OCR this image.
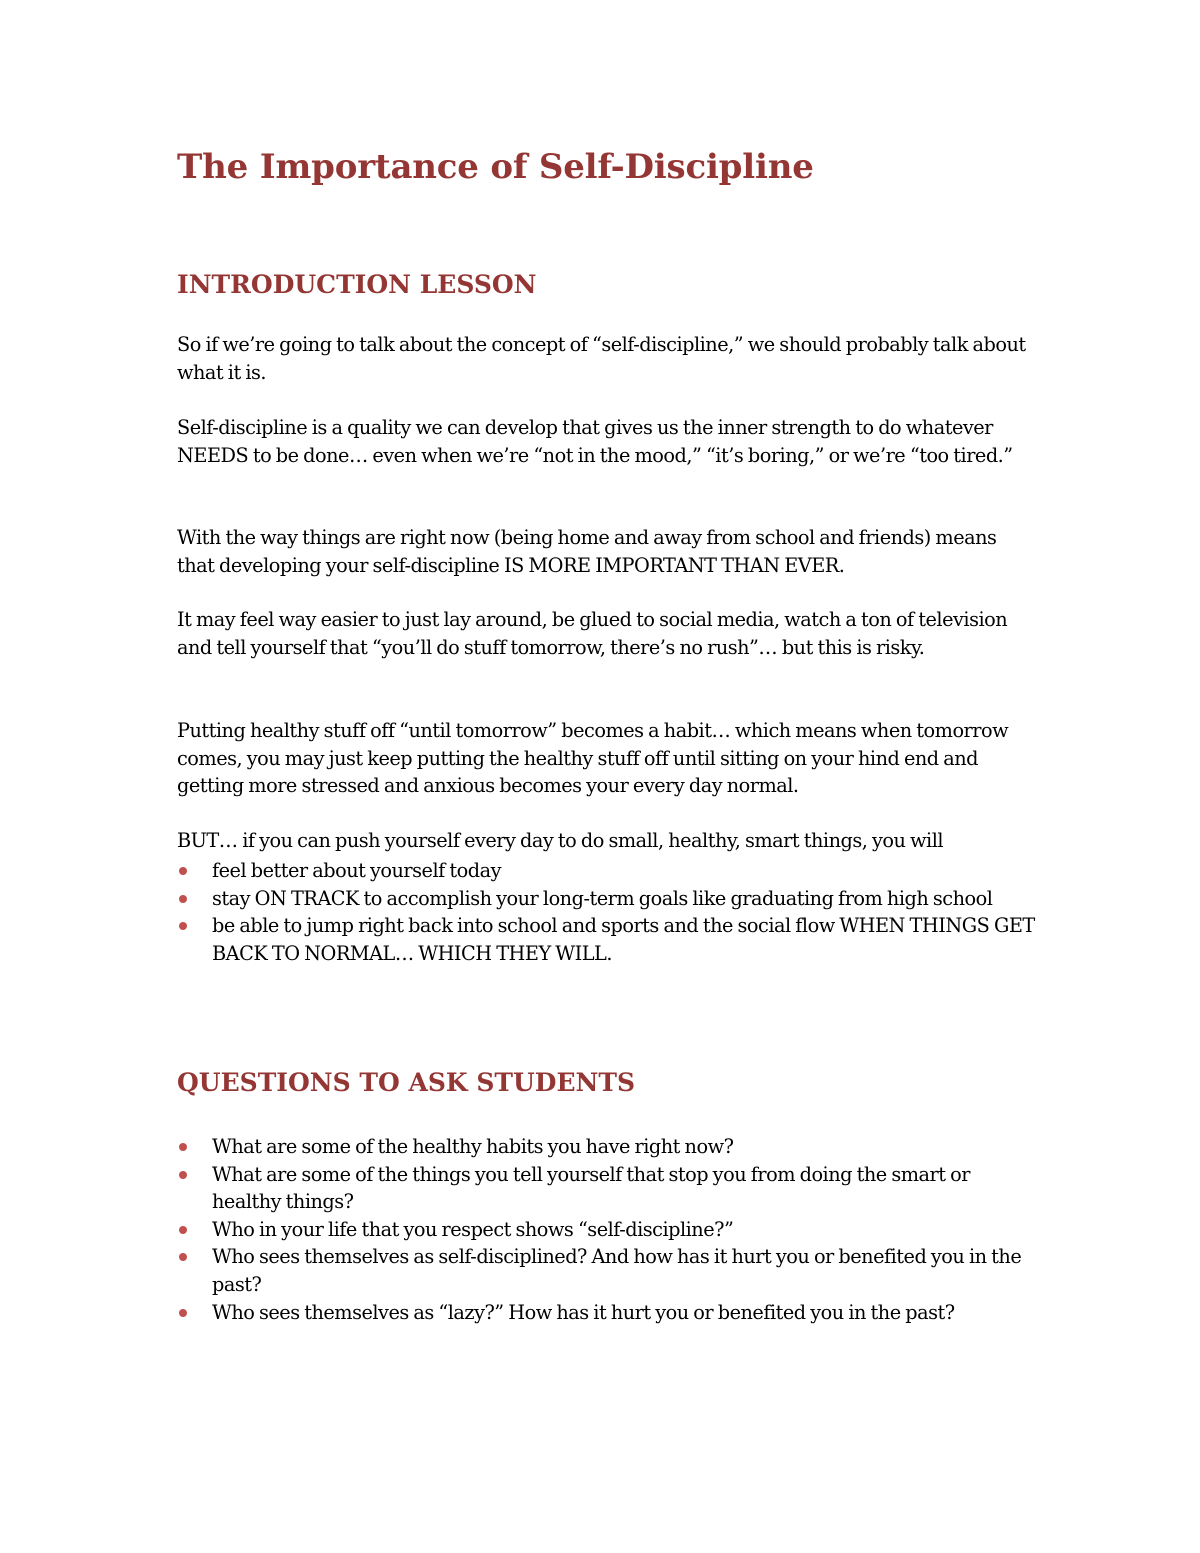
The Importance of Self-Discipline
INTRODUCTION LESSON

So if we’re going to talk about the concept of “self-discipline,” we should probably talk about what it is.

Self-discipline is a quality we can develop that gives us the inner strength to do whatever NEEDS to be done… even when we’re “not in the mood,” “it’s boring,” or we’re “too tired.”

With the way things are right now (being home and away from school and friends) means that developing your self-discipline IS MORE IMPORTANT THAN EVER.

It may feel way easier to just lay around, be glued to social media, watch a ton of television and tell yourself that “you’ll do stuff tomorrow, there’s no rush”… but this is risky.

Putting healthy stuff off “until tomorrow” becomes a habit… which means when tomorrow comes, you may just keep putting the healthy stuff off until sitting on your hind end and getting more stressed and anxious becomes your every day normal.

BUT… if you can push yourself every day to do small, healthy, smart things, you will

feel better about yourself today
stay ON TRACK to accomplish your long-term goals like graduating from high school
be able to jump right back into school and sports and the social flow WHEN THINGS GET BACK TO NORMAL… WHICH THEY WILL.
QUESTIONS TO ASK STUDENTS
What are some of the healthy habits you have right now?
What are some of the things you tell yourself that stop you from doing the smart or healthy things?
Who in your life that you respect shows “self-discipline?”
Who sees themselves as self-disciplined? And how has it hurt you or benefited you in the past?
Who sees themselves as “lazy?” How has it hurt you or benefited you in the past?
